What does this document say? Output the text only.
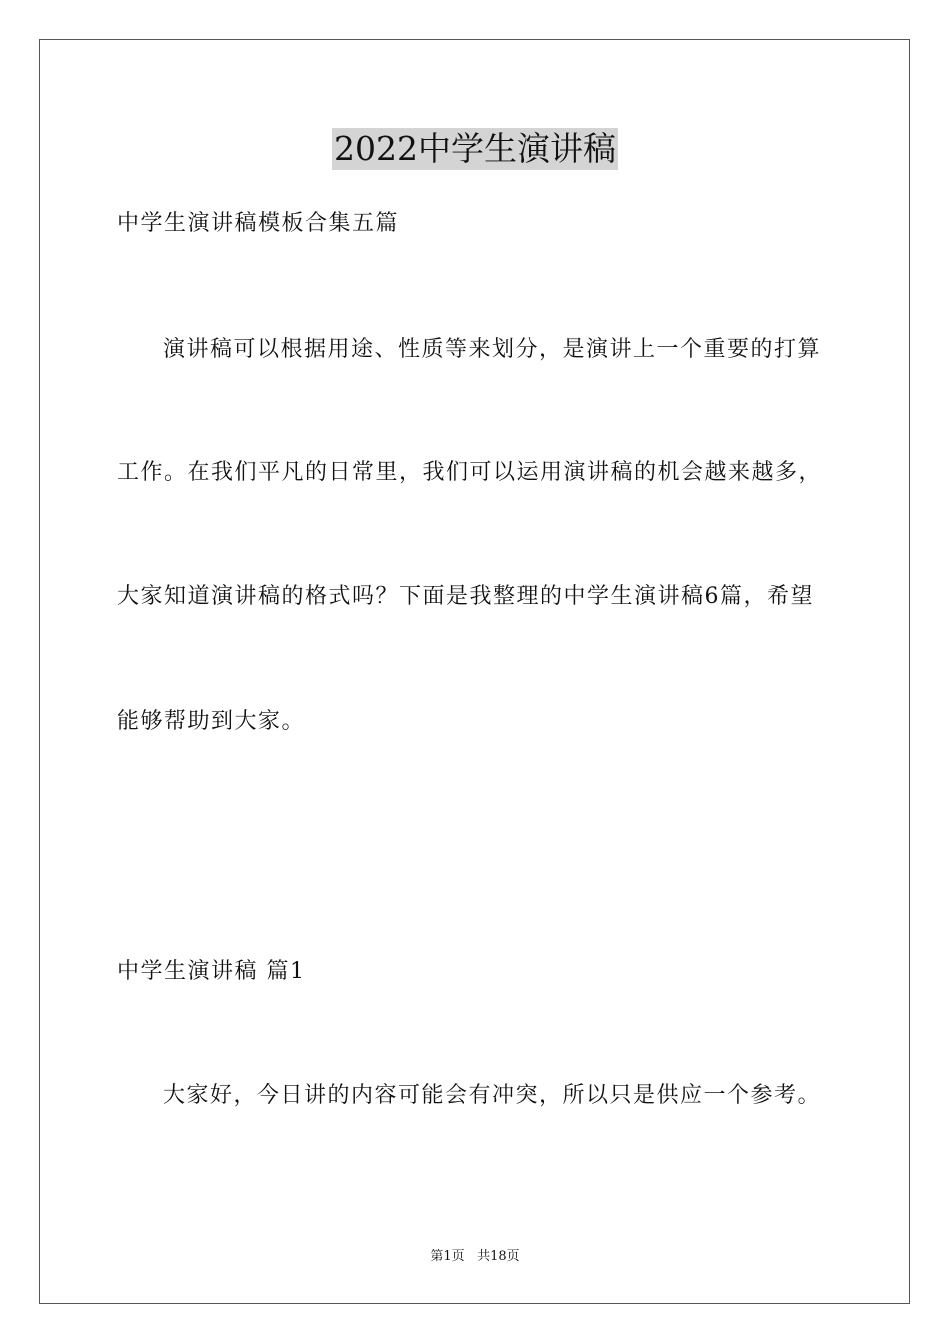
2022中学生演讲稿
中学生演讲稿模板合集五篇
演讲稿可以根据用途、性质等来划分，是演讲上一个重要的打算
工作。在我们平凡的日常里，我们可以运用演讲稿的机会越来越多，
大家知道演讲稿的格式吗？下面是我整理的中学生演讲稿6篇，希望
能够帮助到大家。
中学生演讲稿 篇1
大家好，今日讲的内容可能会有冲突，所以只是供应一个参考。
第1页 共18页
